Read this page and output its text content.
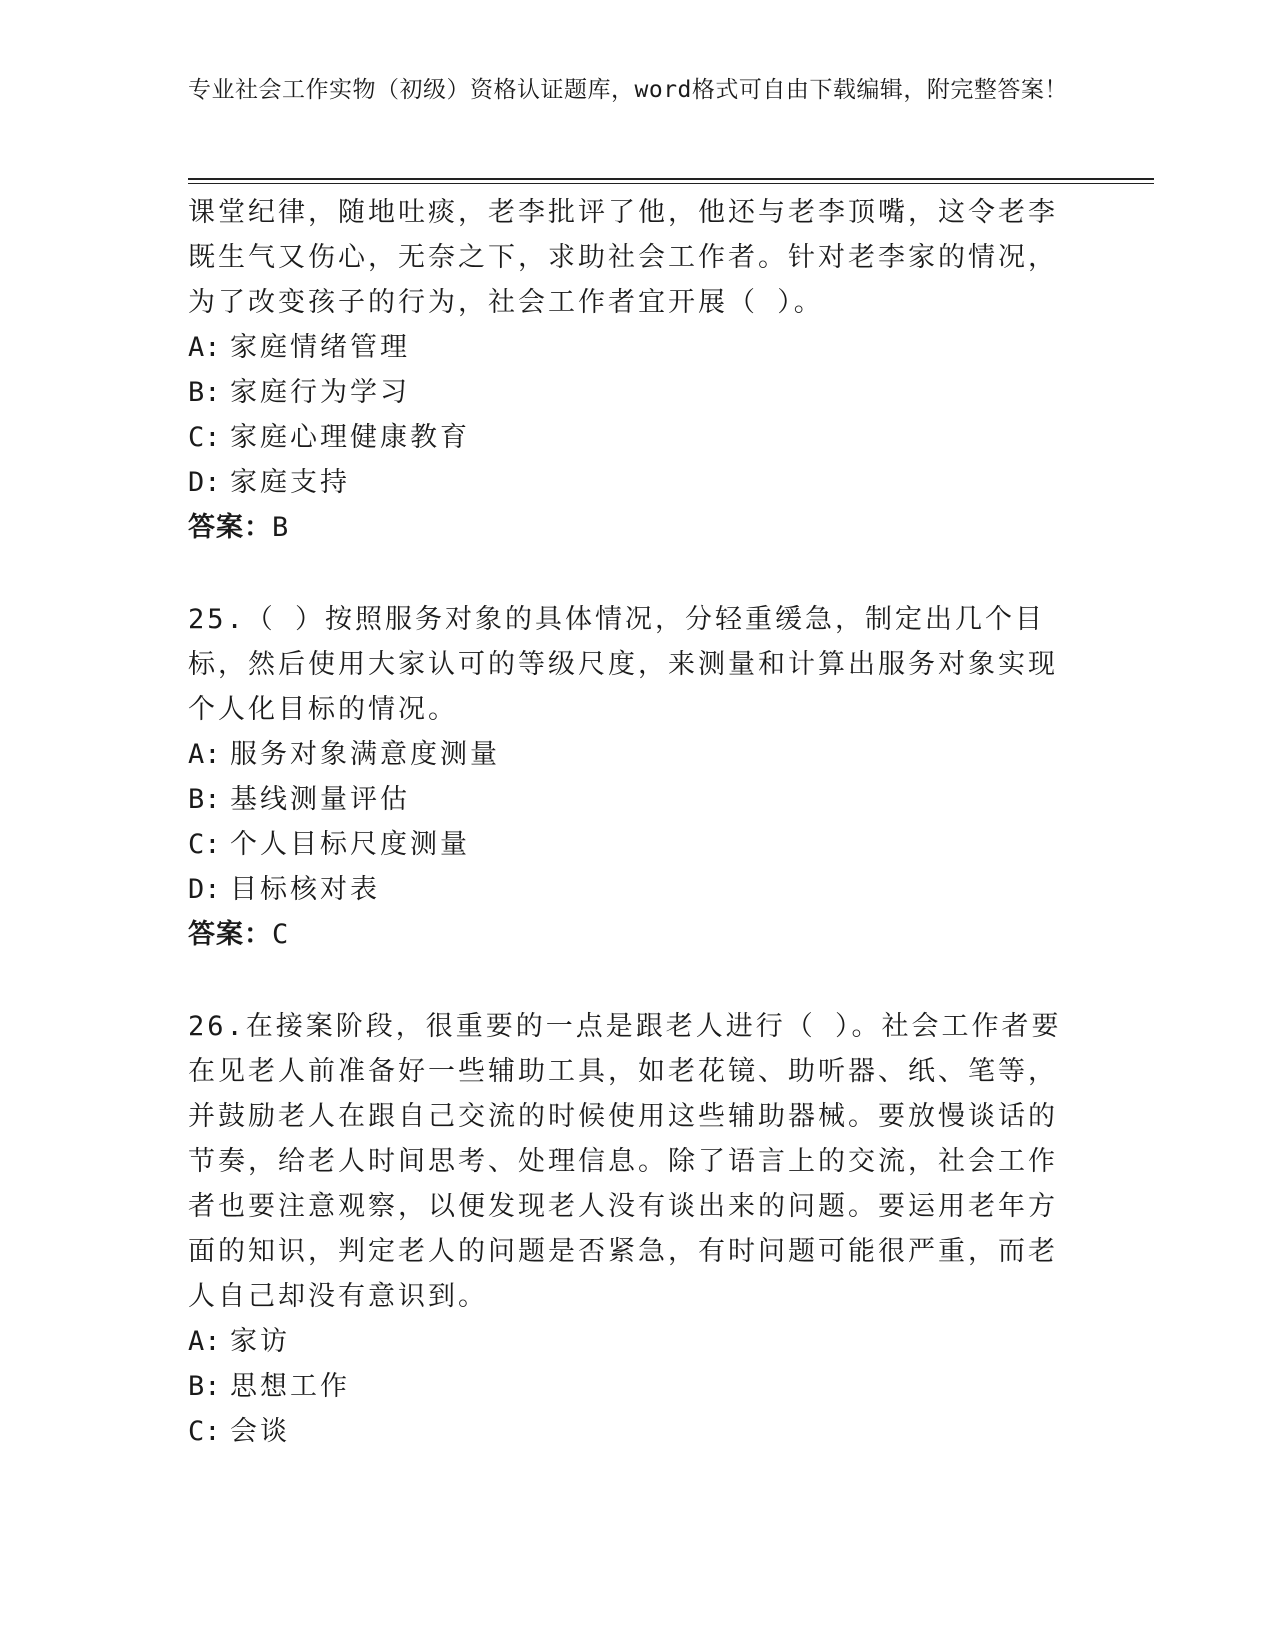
专业社会工作实物（初级）资格认证题库，word格式可自由下载编辑，附完整答案！

课堂纪律，随地吐痰，老李批评了他，他还与老李顶嘴，这令老李既生气又伤心，无奈之下，求助社会工作者。针对老李家的情况，为了改变孩子的行为，社会工作者宜开展（ ）。

A: 家庭情绪管理

B: 家庭行为学习

C: 家庭心理健康教育

D: 家庭支持

答案：B

25.（ ）按照服务对象的具体情况，分轻重缓急，制定出几个目标，然后使用大家认可的等级尺度，来测量和计算出服务对象实现个人化目标的情况。

A: 服务对象满意度测量

B: 基线测量评估

C: 个人目标尺度测量

D: 目标核对表

答案：C

26.在接案阶段，很重要的一点是跟老人进行（ ）。社会工作者要在见老人前准备好一些辅助工具，如老花镜、助听器、纸、笔等，并鼓励老人在跟自己交流的时候使用这些辅助器械。要放慢谈话的节奏，给老人时间思考、处理信息。除了语言上的交流，社会工作者也要注意观察，以便发现老人没有谈出来的问题。要运用老年方面的知识，判定老人的问题是否紧急，有时问题可能很严重，而老人自己却没有意识到。

A: 家访

B: 思想工作

C: 会谈
